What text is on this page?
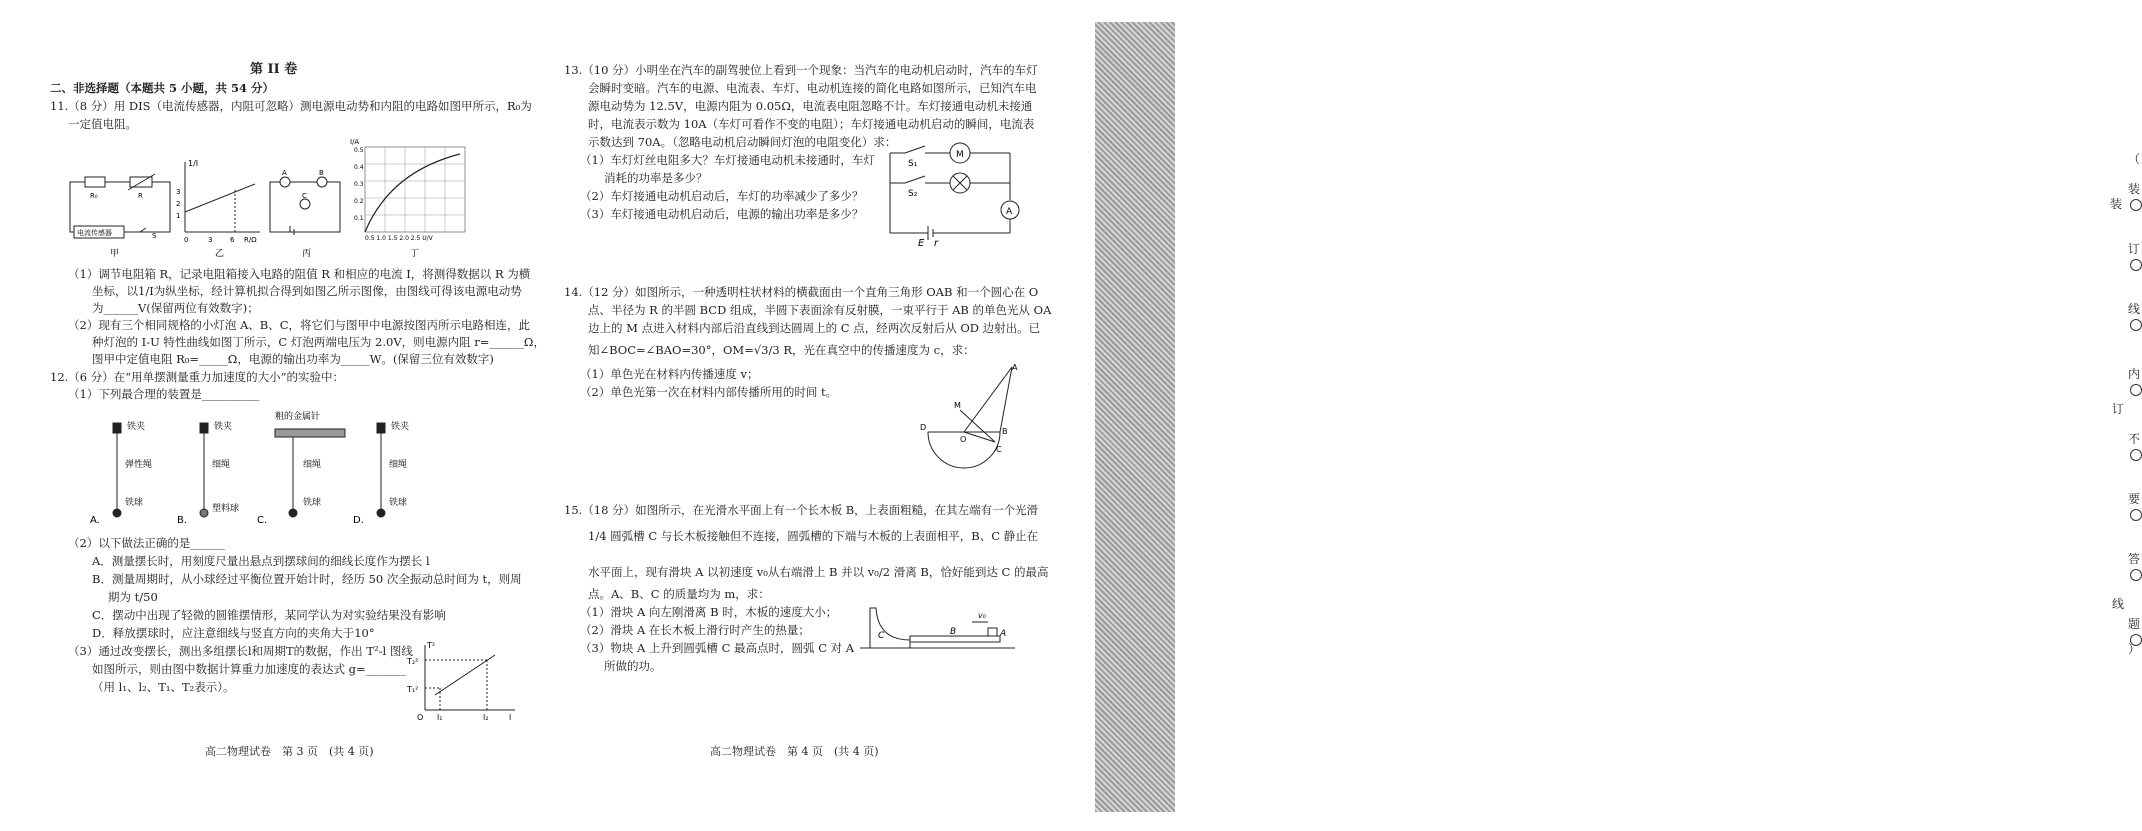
第 II 卷
二、非选择题（本题共 5 小题，共 54 分）
11.（8 分）用 DIS（电流传感器，内阻可忽略）测电源电动势和内阻的电路如图甲所示，R₀为
一定值电阻。
R₀	R
电流传感器	S
甲
1/I
3
2
1
0	3	6 R/Ω
乙
A	B
C
丙
I/A
0.5
0.4
0.3
0.2
0.1
0.5 1.0 1.5 2.0 2.5 U/V
丁
（1）调节电阻箱 R，记录电阻箱接入电路的阻值 R 和相应的电流 I，将测得数据以 R 为横
坐标，以1/I为纵坐标，经计算机拟合得到如图乙所示图像，由图线可得该电源电动势
为______V(保留两位有效数字)；
（2）现有三个相同规格的小灯泡 A、B、C，将它们与图甲中电源按图丙所示电路相连，此
种灯泡的 I-U 特性曲线如图丁所示，C 灯泡两端电压为 2.0V，则电源内阻 r=______Ω，
图甲中定值电阻 R₀=_____Ω，电源的输出功率为_____W。(保留三位有效数字)
12.（6 分）在“用单摆测量重力加速度的大小”的实验中：
（1）下列最合理的装置是__________
铁夹
弹性绳
铁球
铁夹
细绳
塑料球
粗的金属针
细绳
铁球
铁夹
细绳
铁球
A.	B.	C.	D.
（2）以下做法正确的是______
A．测量摆长时，用刻度尺量出悬点到摆球间的细线长度作为摆长 l
B．测量周期时，从小球经过平衡位置开始计时，经历 50 次全振动总时间为 t，则周
期为 t/50
C．摆动中出现了轻微的圆锥摆情形，某同学认为对实验结果没有影响
D．释放摆球时，应注意细线与竖直方向的夹角大于10°
（3）通过改变摆长，测出多组摆长l和周期T的数据，作出 T²-l 图线
如图所示，则由图中数据计算重力加速度的表达式 g=_______
（用 l₁、l₂、T₁、T₂表示）。
T²
T₂²
T₁²
O l₁	l₂	l
高二物理试卷　第 3 页　(共 4 页)
13.（10 分）小明坐在汽车的副驾驶位上看到一个现象：当汽车的电动机启动时，汽车的车灯
会瞬时变暗。汽车的电源、电流表、车灯、电动机连接的简化电路如图所示，已知汽车电
源电动势为 12.5V，电源内阻为 0.05Ω，电流表电阻忽略不计。车灯接通电动机未接通
时，电流表示数为 10A（车灯可看作不变的电阻）；车灯接通电动机启动的瞬间，电流表
示数达到 70A。（忽略电动机启动瞬间灯泡的电阻变化）求：
（1）车灯灯丝电阻多大？车灯接通电动机未接通时，车灯
消耗的功率是多少？
（2）车灯接通电动机启动后，车灯的功率减少了多少？
（3）车灯接通电动机启动后，电源的输出功率是多少？
M
A
S₁
S₂
E r
14.（12 分）如图所示，一种透明柱状材料的横截面由一个直角三角形 OAB 和一个圆心在 O
点、半径为 R 的半圆 BCD 组成，半圆下表面涂有反射膜，一束平行于 AB 的单色光从 OA
边上的 M 点进入材料内部后沿直线到达圆周上的 C 点，经两次反射后从 OD 边射出。已
知∠BOC=∠BAO=30°，OM=√3/3 R，光在真空中的传播速度为 c，求：
（1）单色光在材料内传播速度 v；
（2）单色光第一次在材料内部传播所用的时间 t。
D
O
B
A
M
C
15.（18 分）如图所示，在光滑水平面上有一个长木板 B，上表面粗糙，在其左端有一个光滑
1/4 圆弧槽 C 与长木板接触但不连接，圆弧槽的下端与木板的上表面相平，B、C 静止在
水平面上，现有滑块 A 以初速度 v₀从右端滑上 B 并以 v₀/2 滑离 B，恰好能到达 C 的最高
点。A、B、C 的质量均为 m，求：
（1）滑块 A 向左刚滑离 B 时，木板的速度大小；
（2）滑块 A 在长木板上滑行时产生的热量；
（3）物块 A 上升到圆弧槽 C 最高点时，圆弧 C 对 A
所做的功。
C	B	A
v₀
高二物理试卷　第 4 页　(共 4 页)
（
装
订
线
内
不
要
答
题
）
装
订
线
